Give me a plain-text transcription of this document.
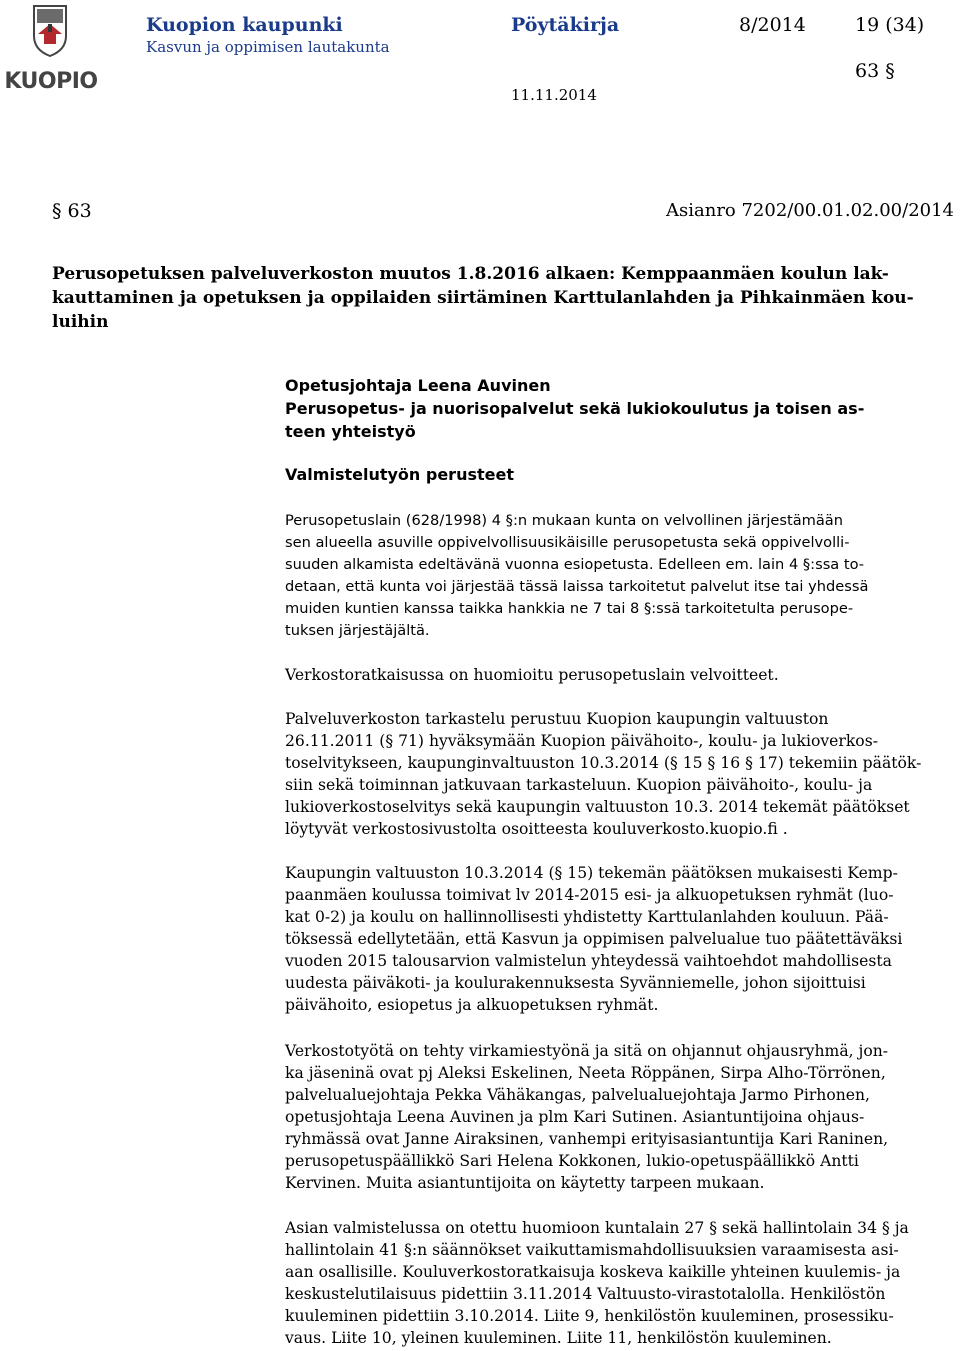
KUOPIO
Kuopion kaupunki
Kasvun ja oppimisen lautakunta
Pöytäkirja	8/2014	19 (34)
63 §
11.11.2014
§ 63	Asianro 7202/00.01.02.00/2014
Perusopetuksen palveluverkoston muutos 1.8.2016 alkaen: Kemppaanmäen koulun lak-
kauttaminen ja opetuksen ja oppilaiden siirtäminen Karttulanlahden ja Pihkainmäen kou-
luihin
Opetusjohtaja Leena Auvinen
Perusopetus- ja nuorisopalvelut sekä lukiokoulutus ja toisen as-
teen yhteistyö
Valmistelutyön perusteet
Perusopetuslain (628/1998) 4 §:n mukaan kunta on velvollinen järjestämään
sen alueella asuville oppivelvollisuusikäisille perusopetusta sekä oppivelvolli-
suuden alkamista edeltävänä vuonna esiopetusta. Edelleen em. lain 4 §:ssa to-
detaan, että kunta voi järjestää tässä laissa tarkoitetut palvelut itse tai yhdessä
muiden kuntien kanssa taikka hankkia ne 7 tai 8 §:ssä tarkoitetulta perusope-
tuksen järjestäjältä.
Verkostoratkaisussa on huomioitu perusopetuslain velvoitteet.
Palveluverkoston tarkastelu perustuu Kuopion kaupungin valtuuston
26.11.2011 (§ 71) hyväksymään Kuopion päivähoito-, koulu- ja lukioverkos-
toselvitykseen, kaupunginvaltuuston 10.3.2014 (§ 15 § 16 § 17) tekemiin päätök-
siin sekä toiminnan jatkuvaan tarkasteluun. Kuopion päivähoito-, koulu- ja
lukioverkostoselvitys sekä kaupungin valtuuston 10.3. 2014 tekemät päätökset
löytyvät verkostosivustolta osoitteesta kouluverkosto.kuopio.fi .
Kaupungin valtuuston 10.3.2014 (§ 15) tekemän päätöksen mukaisesti Kemp-
paanmäen koulussa toimivat lv 2014-2015 esi- ja alkuopetuksen ryhmät (luo-
kat 0-2) ja koulu on hallinnollisesti yhdistetty Karttulanlahden kouluun. Pää-
töksessä edellytetään, että Kasvun ja oppimisen palvelualue tuo päätettäväksi
vuoden 2015 talousarvion valmistelun yhteydessä vaihtoehdot mahdollisesta
uudesta päiväkoti- ja koulurakennuksesta Syvänniemelle, johon sijoittuisi
päivähoito, esiopetus ja alkuopetuksen ryhmät.
Verkostotyötä on tehty virkamiestyönä ja sitä on ohjannut ohjausryhmä, jon-
ka jäseninä ovat pj Aleksi Eskelinen, Neeta Röppänen, Sirpa Alho-Törrönen,
palvelualuejohtaja Pekka Vähäkangas, palvelualuejohtaja Jarmo Pirhonen,
opetusjohtaja Leena Auvinen ja plm Kari Sutinen. Asiantuntijoina ohjaus-
ryhmässä ovat Janne Airaksinen, vanhempi erityisasiantuntija Kari Raninen,
perusopetuspäällikkö Sari Helena Kokkonen, lukio-opetuspäällikkö Antti
Kervinen. Muita asiantuntijoita on käytetty tarpeen mukaan.
Asian valmistelussa on otettu huomioon kuntalain 27 § sekä hallintolain 34 § ja
hallintolain 41 §:n säännökset vaikuttamismahdollisuuksien varaamisesta asi-
aan osallisille. Kouluverkostoratkaisuja koskeva kaikille yhteinen kuulemis- ja
keskustelutilaisuus pidettiin 3.11.2014 Valtuusto-virastotalolla. Henkilöstön
kuuleminen pidettiin 3.10.2014. Liite 9, henkilöstön kuuleminen, prosessiku-
vaus. Liite 10, yleinen kuuleminen. Liite 11, henkilöstön kuuleminen.
